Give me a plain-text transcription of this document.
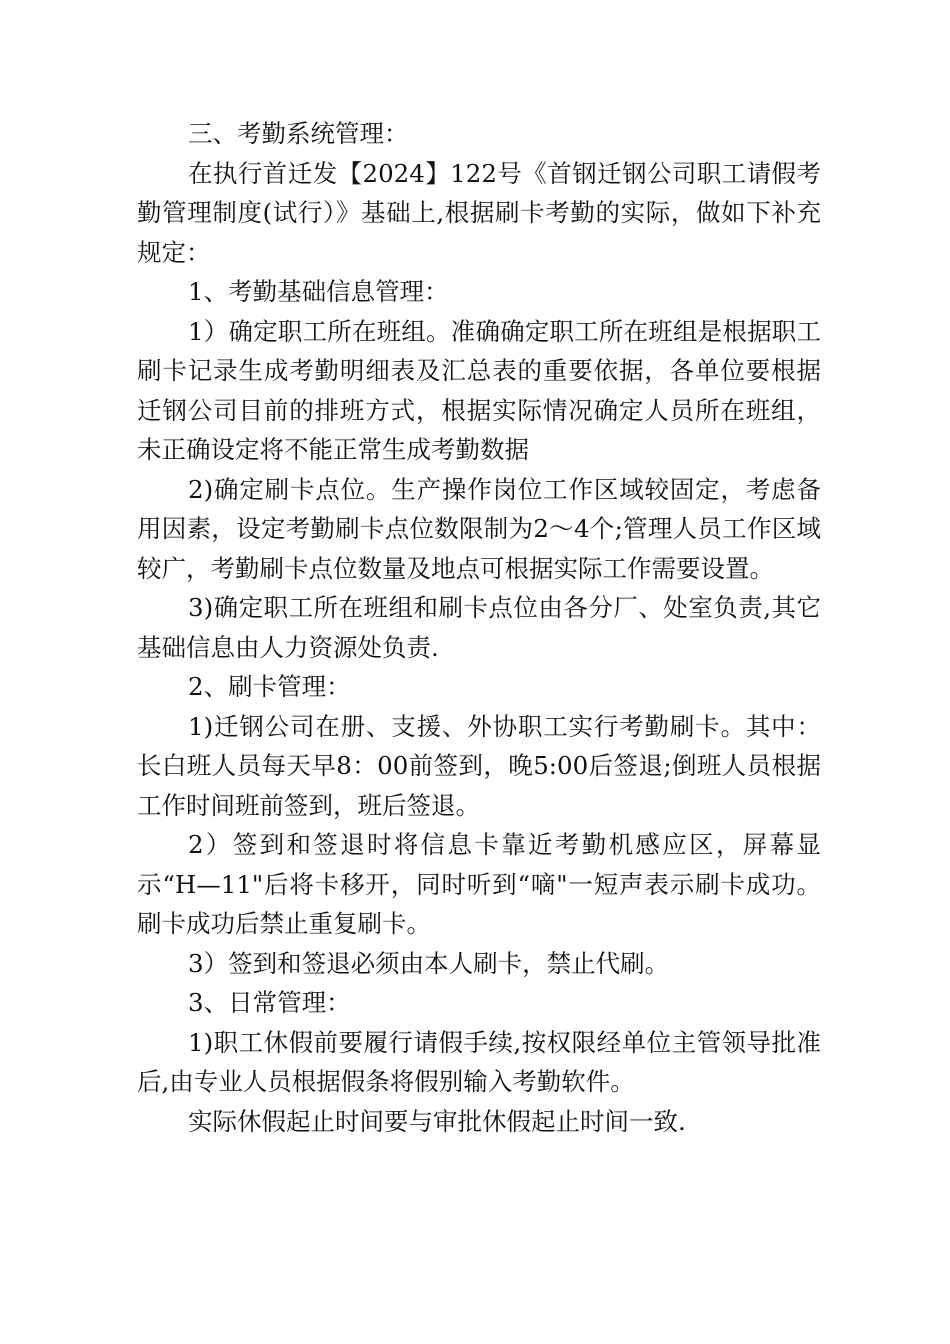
三、考勤系统管理：

在执行首迁发【2024】122号《首钢迁钢公司职工请假考勤管理制度(试行）》基础上,根据刷卡考勤的实际，做如下补充规定：

1、考勤基础信息管理：

1）确定职工所在班组。准确确定职工所在班组是根据职工刷卡记录生成考勤明细表及汇总表的重要依据，各单位要根据迁钢公司目前的排班方式，根据实际情况确定人员所在班组，未正确设定将不能正常生成考勤数据

2)确定刷卡点位。生产操作岗位工作区域较固定，考虑备用因素，设定考勤刷卡点位数限制为2～4个;管理人员工作区域较广，考勤刷卡点位数量及地点可根据实际工作需要设置。

3)确定职工所在班组和刷卡点位由各分厂、处室负责,其它基础信息由人力资源处负责.

2、刷卡管理：

1)迁钢公司在册、支援、外协职工实行考勤刷卡。其中：长白班人员每天早8：00前签到，晚5:00后签退;倒班人员根据工作时间班前签到，班后签退。

2）签到和签退时将信息卡靠近考勤机感应区，屏幕显示“H—11"后将卡移开，同时听到“嘀"一短声表示刷卡成功。刷卡成功后禁止重复刷卡。

3）签到和签退必须由本人刷卡，禁止代刷。

3、日常管理：

1)职工休假前要履行请假手续,按权限经单位主管领导批准后,由专业人员根据假条将假别输入考勤软件。

实际休假起止时间要与审批休假起止时间一致.
